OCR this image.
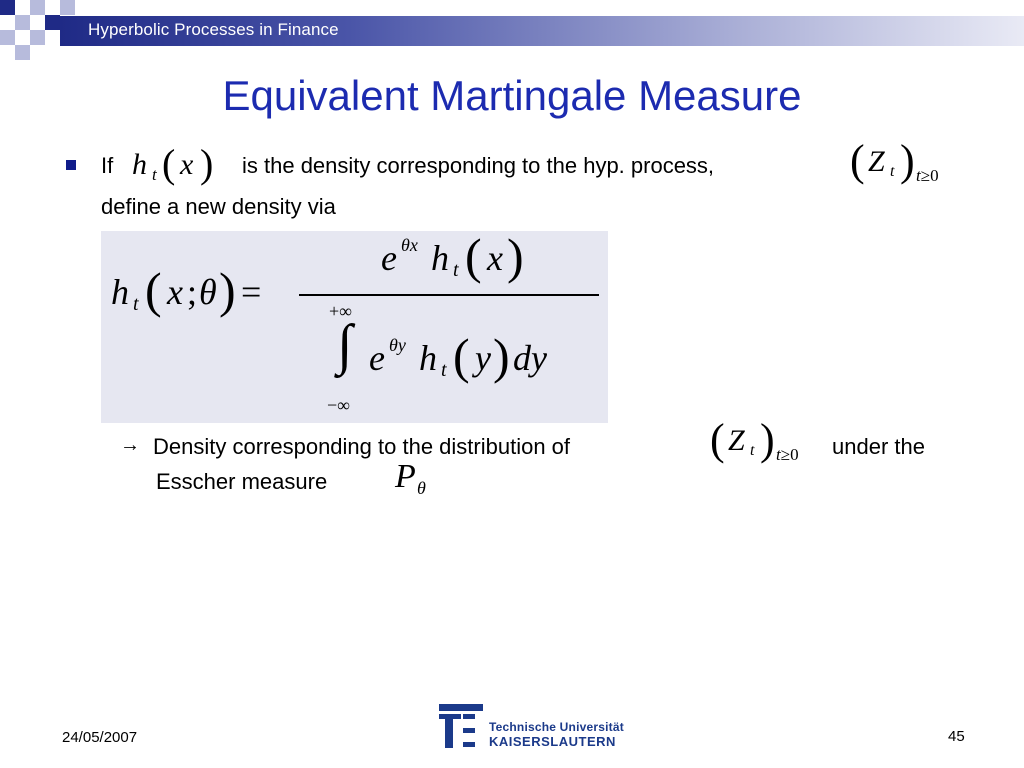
Hyperbolic Processes in Finance
Equivalent Martingale Measure
If h t ( x ) is the density corresponding to the hyp. process,	( Z t ) t≥0
define a new density via
h t ( x ; θ ) =
e θx h t ( x )
+∞
∫
−∞
e θy h t ( y ) dy
→ Density corresponding to the distribution of	( Z t ) t≥0 under the
Esscher measure P θ
24/05/2007	45
Technische Universität
KAISERSLAUTERN
